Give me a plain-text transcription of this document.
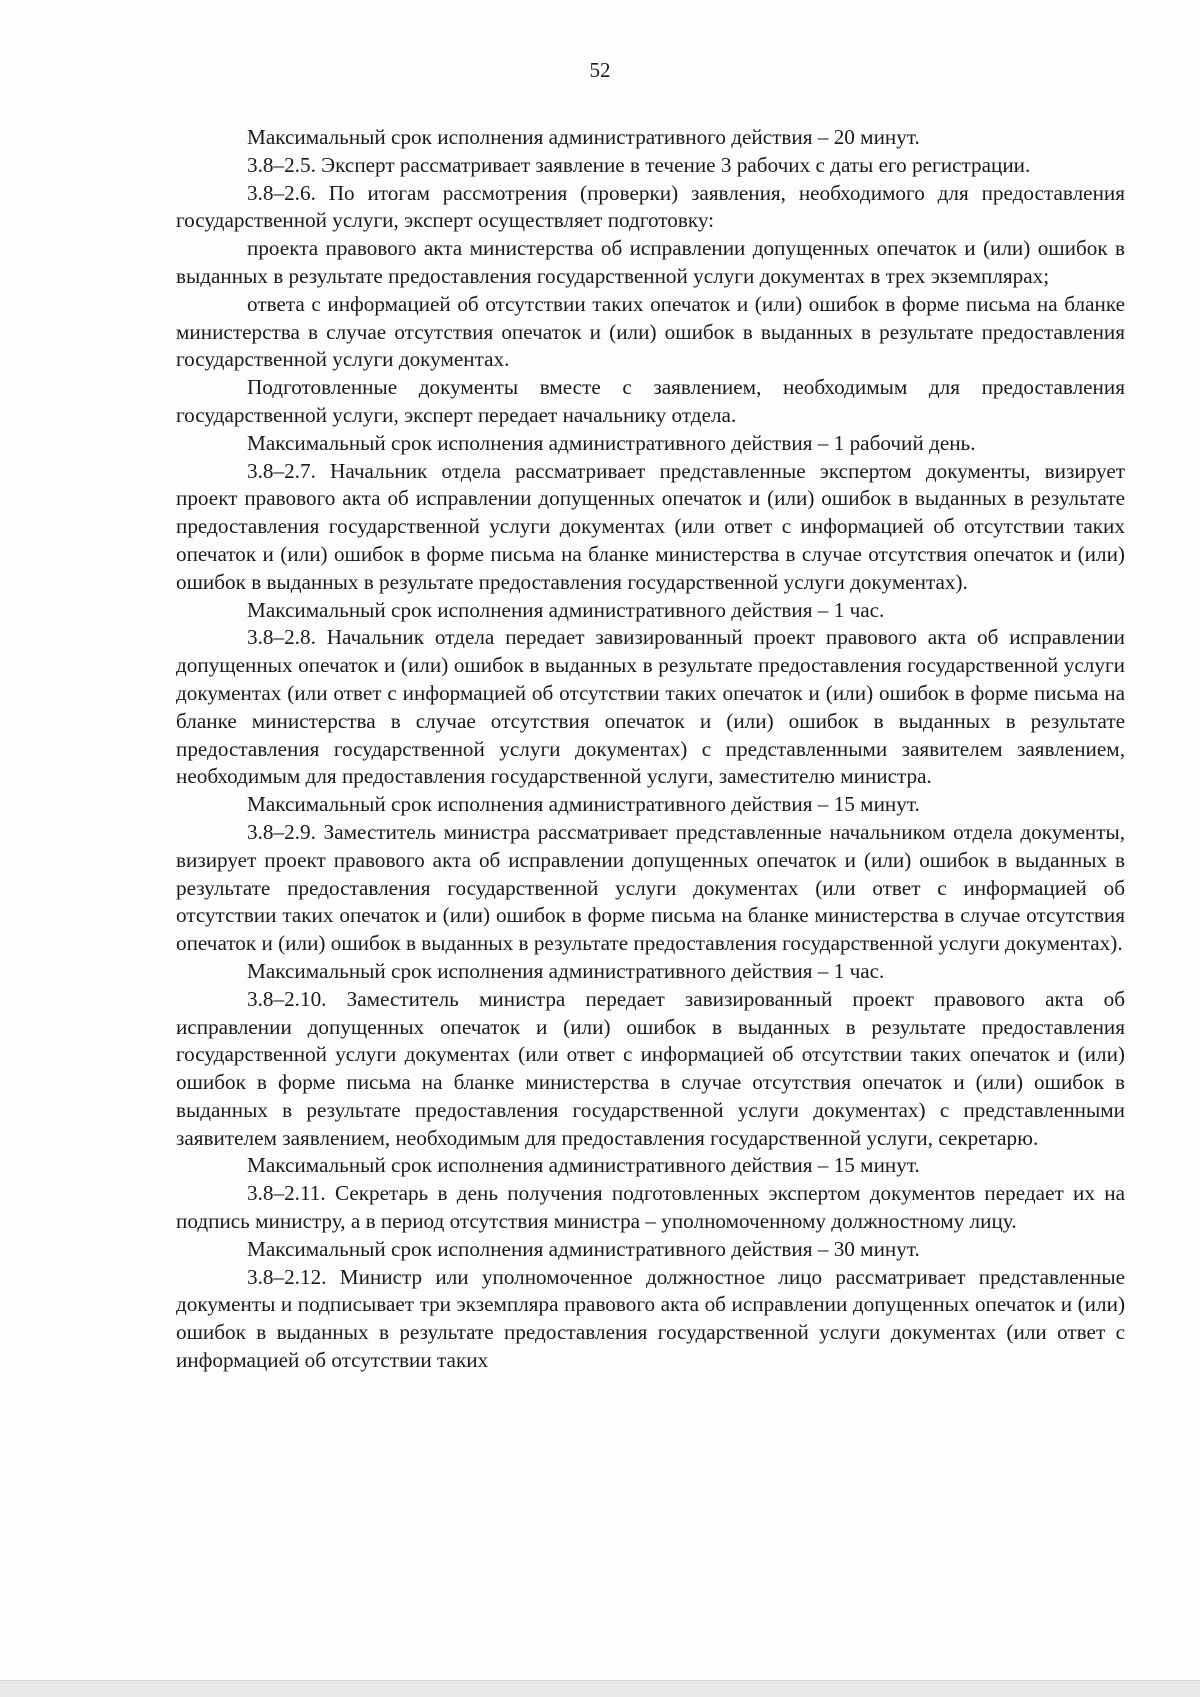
52

Максимальный срок исполнения административного действия – 20 минут.

3.8–2.5. Эксперт рассматривает заявление в течение 3 рабочих с даты его регистрации.

3.8–2.6. По итогам рассмотрения (проверки) заявления, необходимого для предоставления государственной услуги, эксперт осуществляет подготовку:

проекта правового акта министерства об исправлении допущенных опечаток и (или) ошибок в выданных в результате предоставления государственной услуги документах в трех экземплярах;

ответа с информацией об отсутствии таких опечаток и (или) ошибок в форме письма на бланке министерства в случае отсутствия опечаток и (или) ошибок в выданных в результате предоставления государственной услуги документах.

Подготовленные документы вместе с заявлением, необходимым для предоставления государственной услуги, эксперт передает начальнику отдела.

Максимальный срок исполнения административного действия – 1 рабочий день.

3.8–2.7. Начальник отдела рассматривает представленные экспертом документы, визирует проект правового акта об исправлении допущенных опечаток и (или) ошибок в выданных в результате предоставления государственной услуги документах (или ответ с информацией об отсутствии таких опечаток и (или) ошибок в форме письма на бланке министерства в случае отсутствия опечаток и (или) ошибок в выданных в результате предоставления государственной услуги документах).

Максимальный срок исполнения административного действия – 1 час.

3.8–2.8. Начальник отдела передает завизированный проект правового акта об исправлении допущенных опечаток и (или) ошибок в выданных в результате предоставления государственной услуги документах (или ответ с информацией об отсутствии таких опечаток и (или) ошибок в форме письма на бланке министерства в случае отсутствия опечаток и (или) ошибок в выданных в результате предоставления государственной услуги документах) с представленными заявителем заявлением, необходимым для предоставления государственной услуги, заместителю министра.

Максимальный срок исполнения административного действия – 15 минут.

3.8–2.9. Заместитель министра рассматривает представленные начальником отдела документы, визирует проект правового акта об исправлении допущенных опечаток и (или) ошибок в выданных в результате предоставления государственной услуги документах (или ответ с информацией об отсутствии таких опечаток и (или) ошибок в форме письма на бланке министерства в случае отсутствия опечаток и (или) ошибок в выданных в результате предоставления государственной услуги документах).

Максимальный срок исполнения административного действия – 1 час.

3.8–2.10. Заместитель министра передает завизированный проект правового акта об исправлении допущенных опечаток и (или) ошибок в выданных в результате предоставления государственной услуги документах (или ответ с информацией об отсутствии таких опечаток и (или) ошибок в форме письма на бланке министерства в случае отсутствия опечаток и (или) ошибок в выданных в результате предоставления государственной услуги документах) с представленными заявителем заявлением, необходимым для предоставления государственной услуги, секретарю.

Максимальный срок исполнения административного действия – 15 минут.

3.8–2.11. Секретарь в день получения подготовленных экспертом документов передает их на подпись министру, а в период отсутствия министра – уполномоченному должностному лицу.

Максимальный срок исполнения административного действия – 30 минут.

3.8–2.12. Министр или уполномоченное должностное лицо рассматривает представленные документы и подписывает три экземпляра правового акта об исправлении допущенных опечаток и (или) ошибок в выданных в результате предоставления государственной услуги документах (или ответ с информацией об отсутствии таких
